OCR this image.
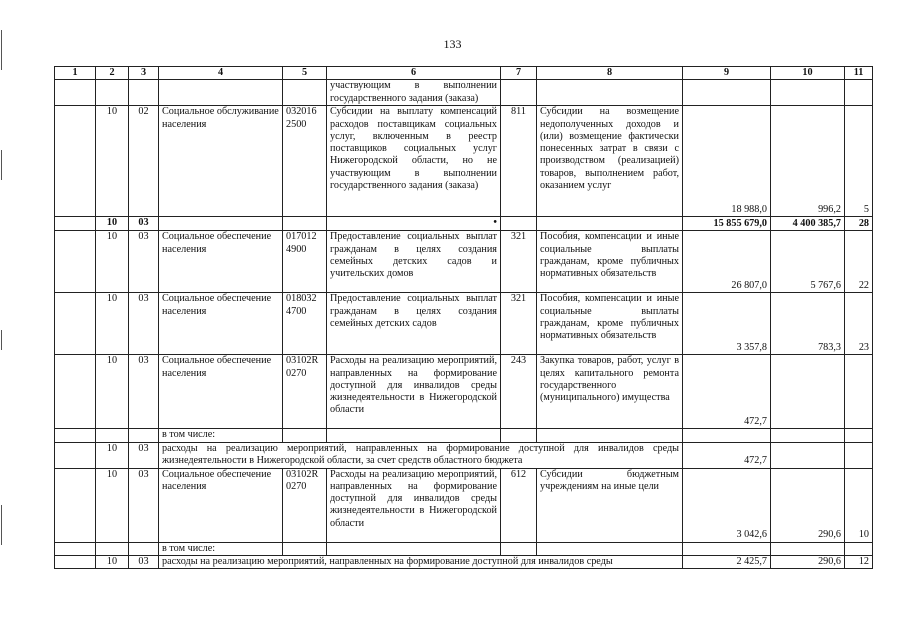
133
1	2	3	4	5	6	7	8	9	10	11
					участвующим в выполнении государственного задания (заказа)					
	10	02	Социальное обслуживание населения	032016 2500	Субсидии на выплату компенсаций расходов поставщикам социальных услуг, включенным в реестр поставщиков социальных услуг Нижегородской области, но не участвующим в выполнении государственного задания (заказа)	811	Субсидии на возмещение недополученных доходов и (или) возмещение фактически понесенных затрат в связи с производством (реализацией) товаров, выполнением работ, оказанием услуг	18 988,0	996,2	5
	10	03			•			15 855 679,0	4 400 385,7	28
	10	03	Социальное обеспечение населения	017012 4900	Предоставление социальных выплат гражданам в целях создания семейных детских садов и учительских домов	321	Пособия, компенсации и иные социальные выплаты гражданам, кроме публичных нормативных обязательств	26 807,0	5 767,6	22
	10	03	Социальное обеспечение населения	018032 4700	Предоставление социальных выплат гражданам в целях создания семейных детских садов	321	Пособия, компенсации и иные социальные выплаты гражданам, кроме публичных нормативных обязательств	3 357,8	783,3	23
	10	03	Социальное обеспечение населения	03102R 0270	Расходы на реализацию мероприятий, направленных на формирование доступной для инвалидов среды жизнедеятельности в Нижегородской области	243	Закупка товаров, работ, услуг в целях капитального ремонта государственного (муниципального) имущества	472,7		
			в том числе:							
	10	03	расходы на реализацию мероприятий, направленных на формирование доступной для инвалидов среды жизнедеятельности в Нижегородской области, за счет средств областного бюджета					472,7		
	10	03	Социальное обеспечение населения	03102R 0270	Расходы на реализацию мероприятий, направленных на формирование доступной для инвалидов среды жизнедеятельности в Нижегородской области	612	Субсидии бюджетным учреждениям на иные цели	3 042,6	290,6	10
			в том числе:							
	10	03	расходы на реализацию мероприятий, направленных на формирование доступной для инвалидов среды					2 425,7	290,6	12
